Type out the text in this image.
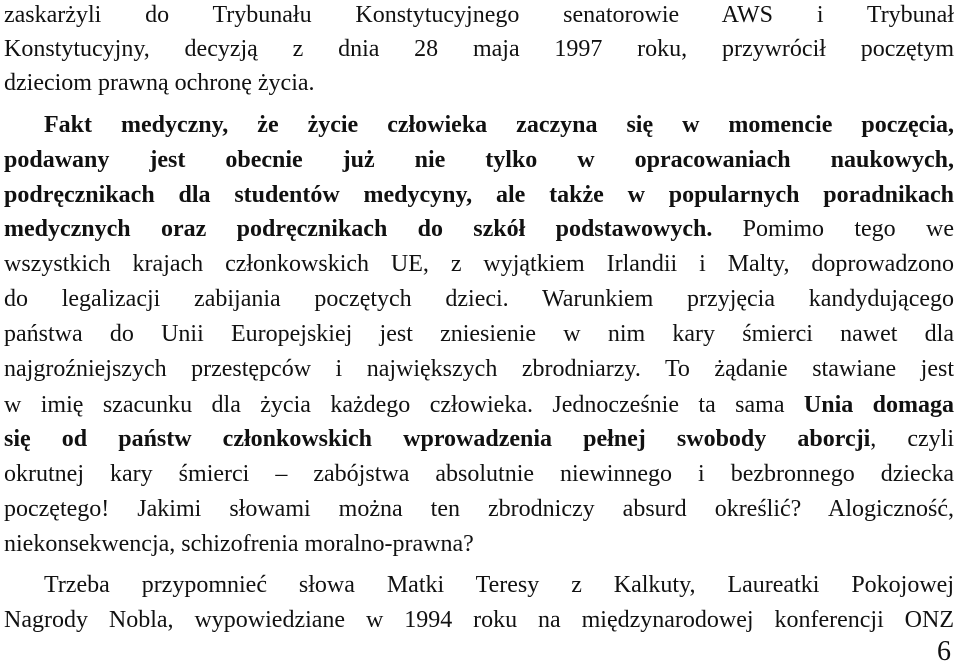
zaskarżyli do Trybunału Konstytucyjnego senatorowie AWS i Trybunał
Konstytucyjny, decyzją z dnia 28 maja 1997 roku, przywrócił poczętym
dzieciom prawną ochronę życia.
Fakt medyczny, że życie człowieka zaczyna się w momencie poczęcia,
podawany jest obecnie już nie tylko w opracowaniach naukowych,
podręcznikach dla studentów medycyny, ale także w popularnych poradnikach
medycznych oraz podręcznikach do szkół podstawowych. Pomimo tego we
wszystkich krajach członkowskich UE, z wyjątkiem Irlandii i Malty, doprowadzono
do legalizacji zabijania poczętych dzieci. Warunkiem przyjęcia kandydującego
państwa do Unii Europejskiej jest zniesienie w nim kary śmierci nawet dla
najgroźniejszych przestępców i największych zbrodniarzy. To żądanie stawiane jest
w imię szacunku dla życia każdego człowieka. Jednocześnie ta sama Unia domaga
się od państw członkowskich wprowadzenia pełnej swobody aborcji, czyli
okrutnej kary śmierci – zabójstwa absolutnie niewinnego i bezbronnego dziecka
poczętego! Jakimi słowami można ten zbrodniczy absurd określić? Alogiczność,
niekonsekwencja, schizofrenia moralno-prawna?
Trzeba przypomnieć słowa Matki Teresy z Kalkuty, Laureatki Pokojowej
Nagrody Nobla, wypowiedziane w 1994 roku na międzynarodowej konferencji ONZ
6
